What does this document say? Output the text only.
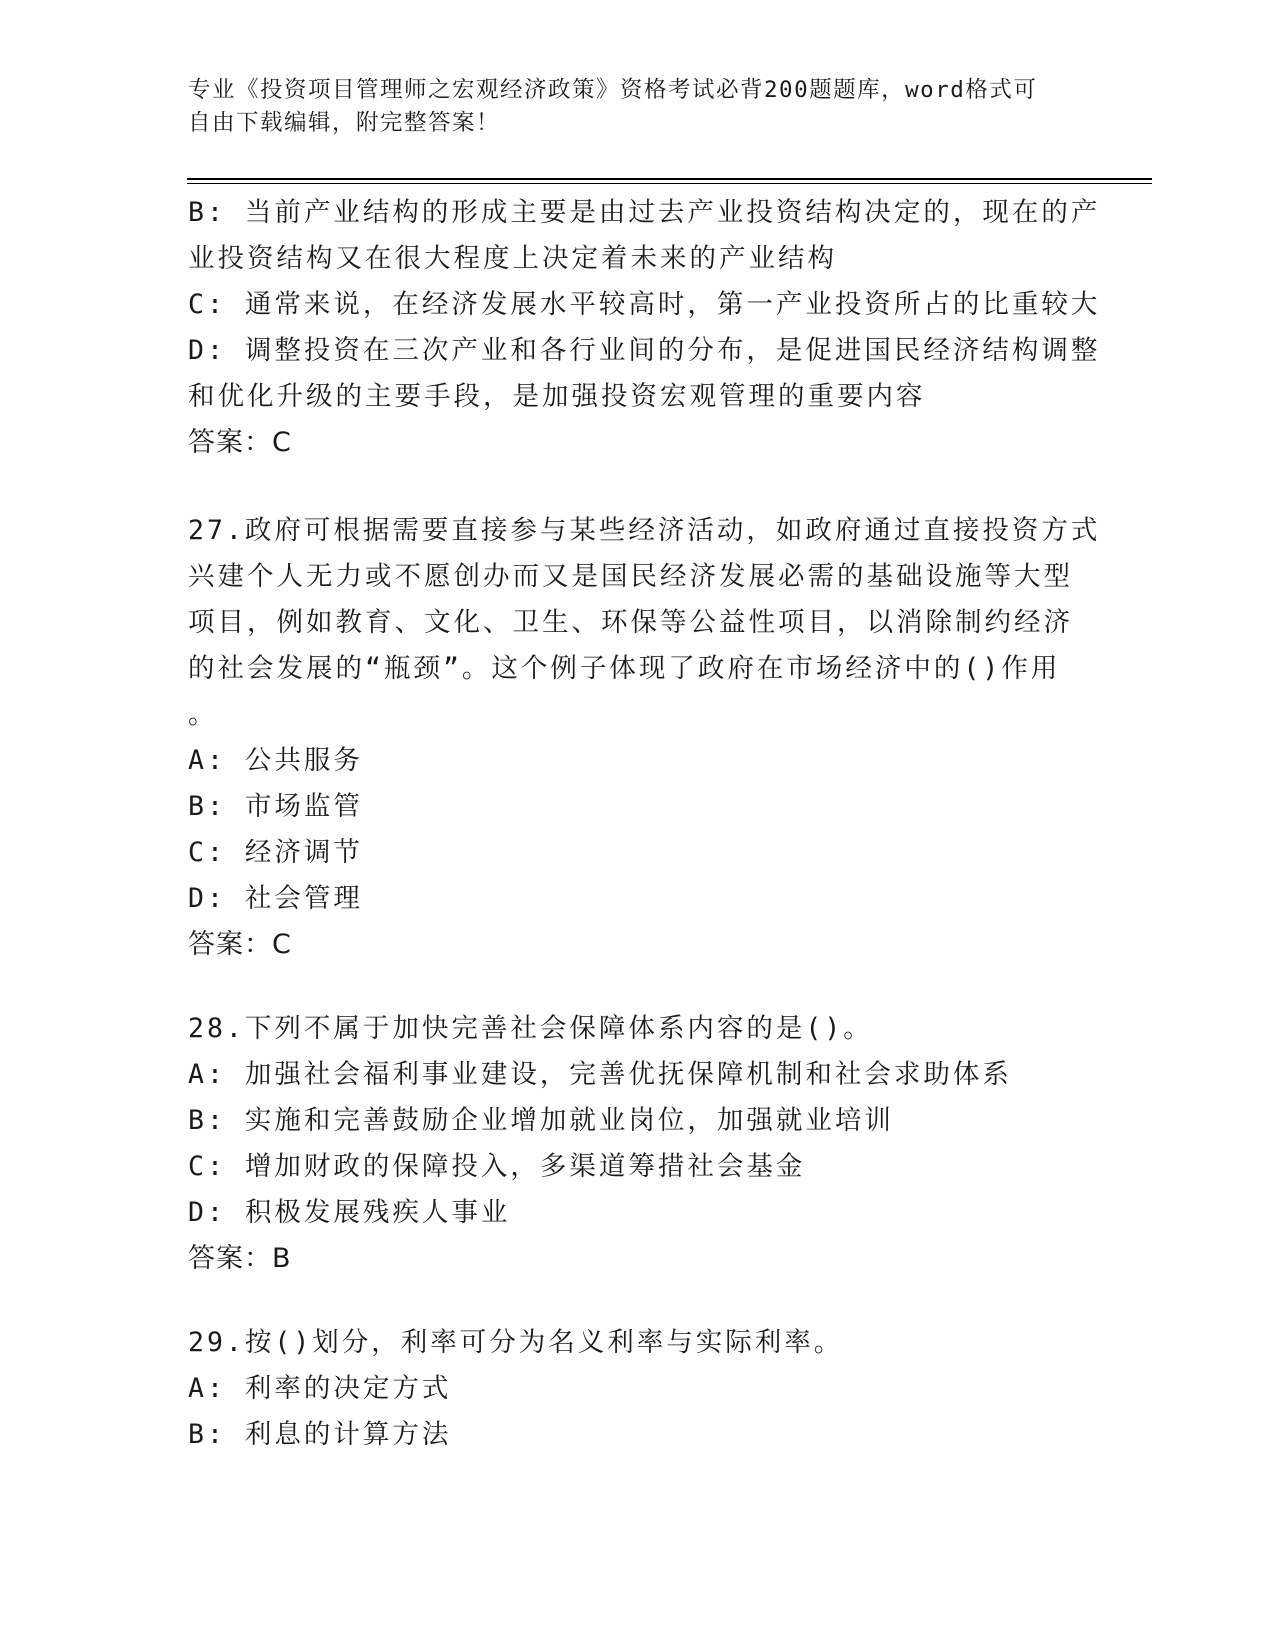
专业《投资项目管理师之宏观经济政策》资格考试必背200题题库，word格式可
自由下载编辑，附完整答案！
B: 当前产业结构的形成主要是由过去产业投资结构决定的，现在的产
业投资结构又在很大程度上决定着未来的产业结构
C: 通常来说，在经济发展水平较高时，第一产业投资所占的比重较大
D: 调整投资在三次产业和各行业间的分布，是促进国民经济结构调整
和优化升级的主要手段，是加强投资宏观管理的重要内容
答案：C
27.政府可根据需要直接参与某些经济活动，如政府通过直接投资方式
兴建个人无力或不愿创办而又是国民经济发展必需的基础设施等大型
项目，例如教育、文化、卫生、环保等公益性项目，以消除制约经济
的社会发展的“瓶颈”。这个例子体现了政府在市场经济中的()作用
。
A: 公共服务
B: 市场监管
C: 经济调节
D: 社会管理
答案：C
28.下列不属于加快完善社会保障体系内容的是()。
A: 加强社会福利事业建设，完善优抚保障机制和社会求助体系
B: 实施和完善鼓励企业增加就业岗位，加强就业培训
C: 增加财政的保障投入，多渠道筹措社会基金
D: 积极发展残疾人事业
答案：B
29.按()划分，利率可分为名义利率与实际利率。
A: 利率的决定方式
B: 利息的计算方法
